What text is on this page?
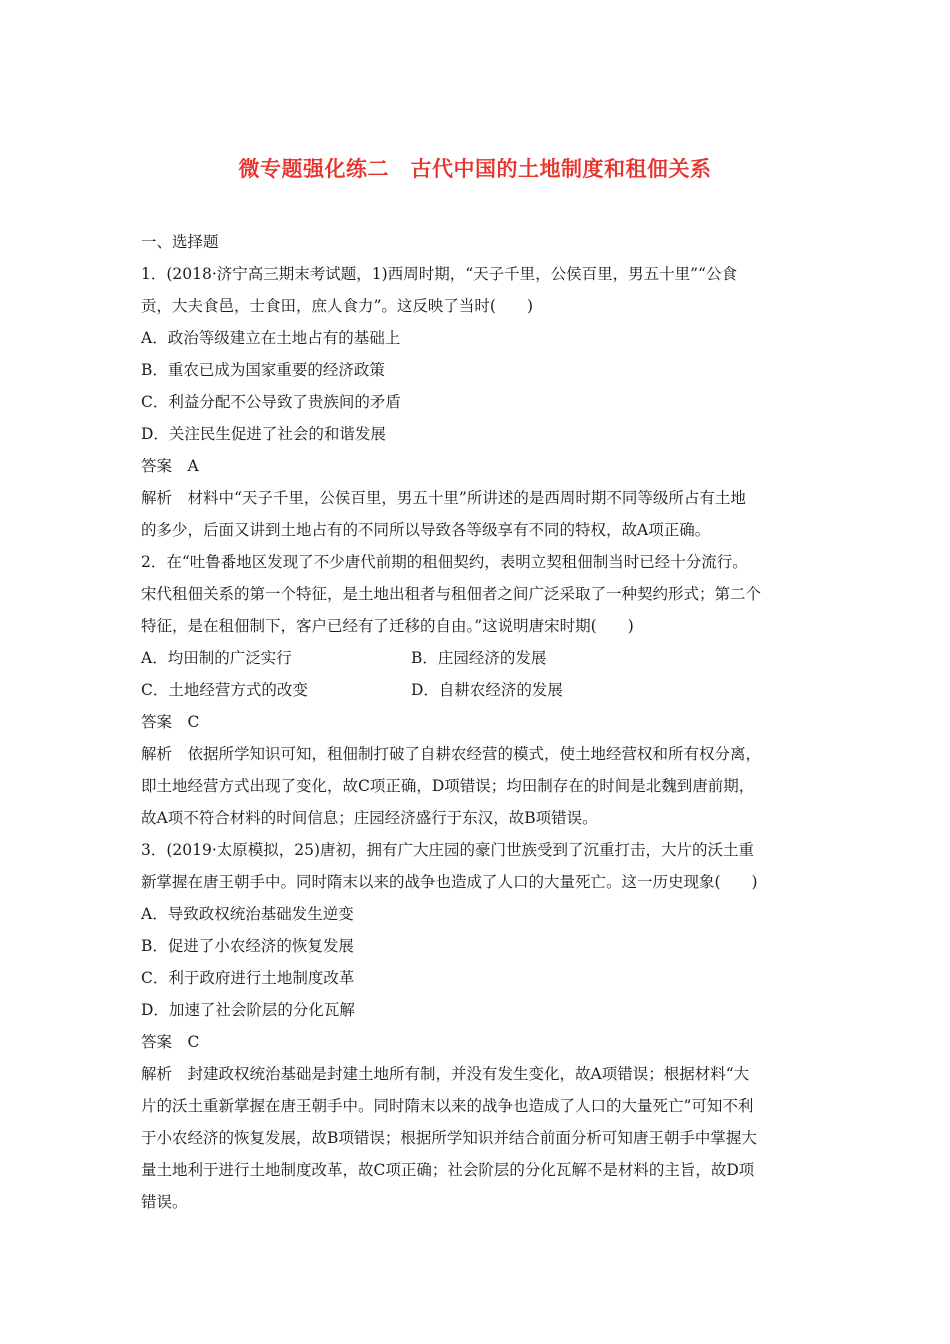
微专题强化练二　古代中国的土地制度和租佃关系
一、选择题
1．(2018·济宁高三期末考试题，1)西周时期，“天子千里，公侯百里，男五十里”“公食
贡，大夫食邑，士食田，庶人食力”。这反映了当时(　　)
A．政治等级建立在土地占有的基础上
B．重农已成为国家重要的经济政策
C．利益分配不公导致了贵族间的矛盾
D．关注民生促进了社会的和谐发展
答案　A
解析　材料中“天子千里，公侯百里，男五十里”所讲述的是西周时期不同等级所占有土地
的多少，后面又讲到土地占有的不同所以导致各等级享有不同的特权，故A项正确。
2．在“吐鲁番地区发现了不少唐代前期的租佃契约，表明立契租佃制当时已经十分流行。
宋代租佃关系的第一个特征，是土地出租者与租佃者之间广泛采取了一种契约形式；第二个
特征，是在租佃制下，客户已经有了迁移的自由。”这说明唐宋时期(　　)
A．均田制的广泛实行	B．庄园经济的发展
C．土地经营方式的改变	D．自耕农经济的发展
答案　C
解析　依据所学知识可知，租佃制打破了自耕农经营的模式，使土地经营权和所有权分离，
即土地经营方式出现了变化，故C项正确，D项错误；均田制存在的时间是北魏到唐前期，
故A项不符合材料的时间信息；庄园经济盛行于东汉，故B项错误。
3．(2019·太原模拟，25)唐初，拥有广大庄园的豪门世族受到了沉重打击，大片的沃土重
新掌握在唐王朝手中。同时隋末以来的战争也造成了人口的大量死亡。这一历史现象(　　)
A．导致政权统治基础发生逆变
B．促进了小农经济的恢复发展
C．利于政府进行土地制度改革
D．加速了社会阶层的分化瓦解
答案　C
解析　封建政权统治基础是封建土地所有制，并没有发生变化，故A项错误；根据材料“大
片的沃土重新掌握在唐王朝手中。同时隋末以来的战争也造成了人口的大量死亡”可知不利
于小农经济的恢复发展，故B项错误；根据所学知识并结合前面分析可知唐王朝手中掌握大
量土地利于进行土地制度改革，故C项正确；社会阶层的分化瓦解不是材料的主旨，故D项
错误。
